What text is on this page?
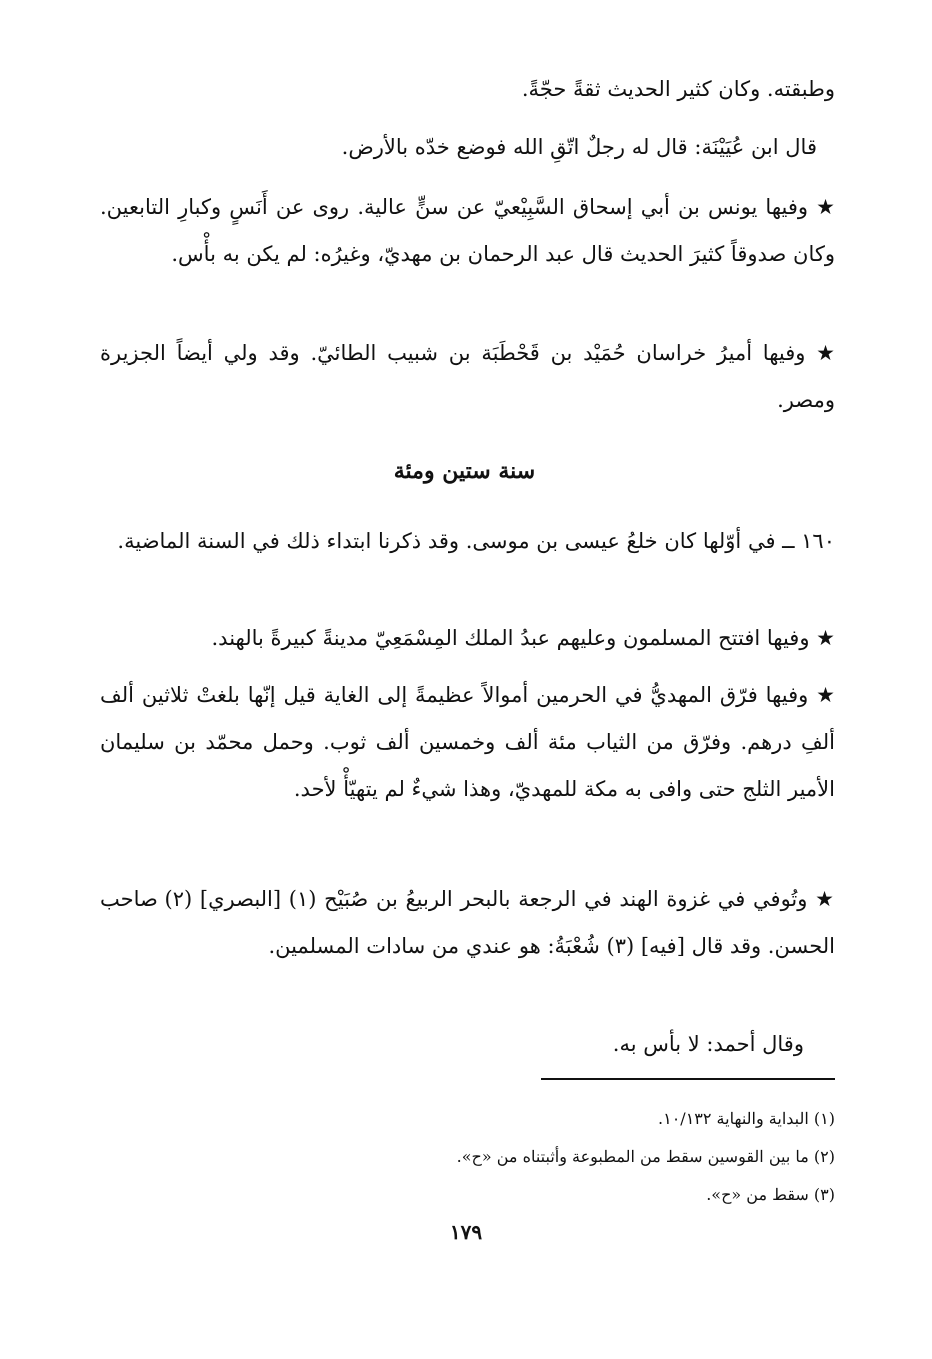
وطبقته. وكان كثير الحديث ثقةً حجّةً.

قال ابن عُيَيْنَة: قال له رجلٌ اتّقِ الله فوضع خدّه بالأرض.

★ وفيها يونس بن أبي إسحاق السَّبِيْعيّ عن سنٍّ عالية. روى عن أَنَسٍ وكبارِ التابعين. وكان صدوقاً كثيرَ الحديث قال عبد الرحمان بن مهديّ، وغيرُه: لم يكن به بأْس.

★ وفيها أميرُ خراسان حُمَيْد بن قَحْطَبَة بن شبيب الطائيّ. وقد ولي أيضاً الجزيرة ومصر.

سنة ستين ومئة

١٦٠ ــ في أوّلها كان خلعُ عيسى بن موسى. وقد ذكرنا ابتداء ذلك في السنة الماضية.

★ وفيها افتتح المسلمون وعليهم عبدُ الملك المِسْمَعِيّ مدينةً كبيرةً بالهند.

★ وفيها فرّق المهديُّ في الحرمين أموالاً عظيمةً إلى الغاية قيل إنّها بلغتْ ثلاثين ألف ألفِ درهم. وفرّق من الثياب مئة ألف وخمسين ألف ثوب. وحمل محمّد بن سليمان الأمير الثلج حتى وافى به مكة للمهديّ، وهذا شيءٌ لم يتهيّأْ لأحد.

★ وتُوفي في غزوة الهند في الرجعة بالبحر الربيعُ بن صُبَيْح (١) [البصري] (٢) صاحب الحسن. وقد قال [فيه] (٣) شُعْبَةُ: هو عندي من سادات المسلمين.

وقال أحمد: لا بأس به.

(١) البداية والنهاية ١٠/١٣٢.
(٢) ما بين القوسين سقط من المطبوعة وأثبتناه من «ح».
(٣) سقط من «ح».
١٧٩
